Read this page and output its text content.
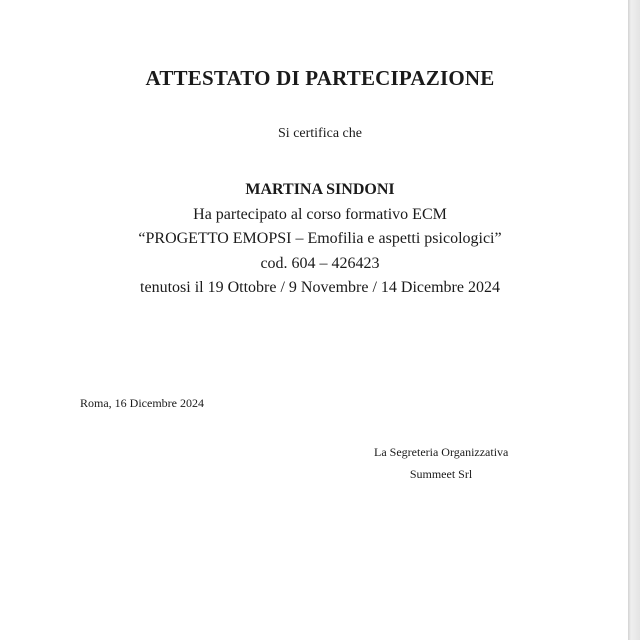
ATTESTATO DI PARTECIPAZIONE
Si certifica che
MARTINA SINDONI
Ha partecipato al corso formativo ECM
“PROGETTO EMOPSI – Emofilia e aspetti psicologici”
cod. 604 – 426423
tenutosi il 19 Ottobre / 9 Novembre / 14 Dicembre 2024
Roma, 16 Dicembre 2024
La Segreteria Organizzativa
Summeet Srl
